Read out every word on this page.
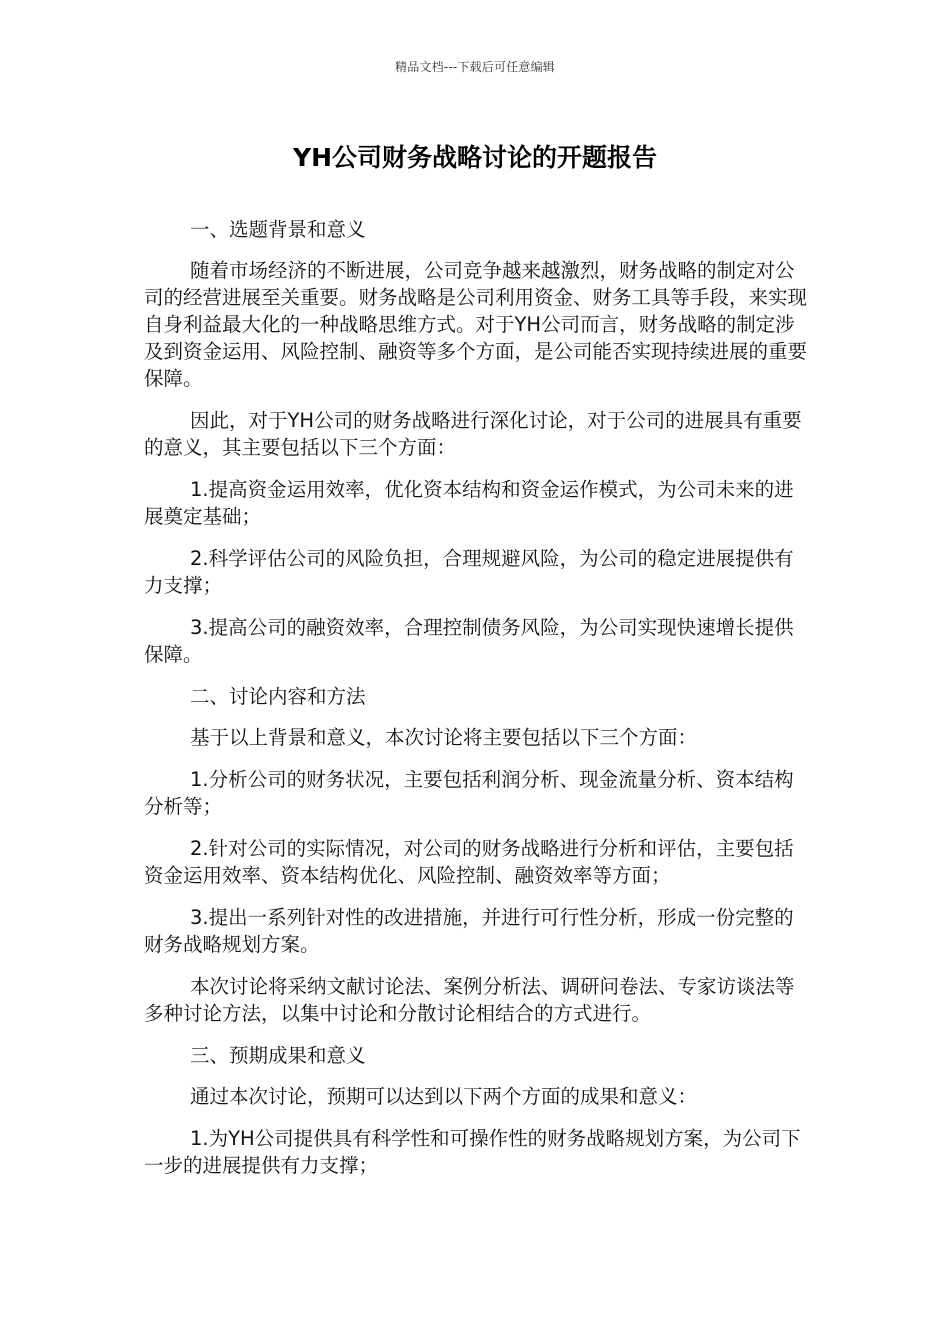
精品文档---下载后可任意编辑
YH公司财务战略讨论的开题报告

一、选题背景和意义

随着市场经济的不断进展，公司竞争越来越激烈，财务战略的制定对公司的经营进展至关重要。财务战略是公司利用资金、财务工具等手段，来实现自身利益最大化的一种战略思维方式。对于YH公司而言，财务战略的制定涉及到资金运用、风险控制、融资等多个方面，是公司能否实现持续进展的重要保障。

因此，对于YH公司的财务战略进行深化讨论，对于公司的进展具有重要的意义，其主要包括以下三个方面：

1.提高资金运用效率，优化资本结构和资金运作模式，为公司未来的进展奠定基础；

2.科学评估公司的风险负担，合理规避风险，为公司的稳定进展提供有力支撑；

3.提高公司的融资效率，合理控制债务风险，为公司实现快速增长提供保障。

二、讨论内容和方法

基于以上背景和意义，本次讨论将主要包括以下三个方面：

1.分析公司的财务状况，主要包括利润分析、现金流量分析、资本结构分析等；

2.针对公司的实际情况，对公司的财务战略进行分析和评估，主要包括资金运用效率、资本结构优化、风险控制、融资效率等方面；

3.提出一系列针对性的改进措施，并进行可行性分析，形成一份完整的财务战略规划方案。

本次讨论将采纳文献讨论法、案例分析法、调研问卷法、专家访谈法等多种讨论方法，以集中讨论和分散讨论相结合的方式进行。

三、预期成果和意义

通过本次讨论，预期可以达到以下两个方面的成果和意义：

1.为YH公司提供具有科学性和可操作性的财务战略规划方案，为公司下一步的进展提供有力支撑；
